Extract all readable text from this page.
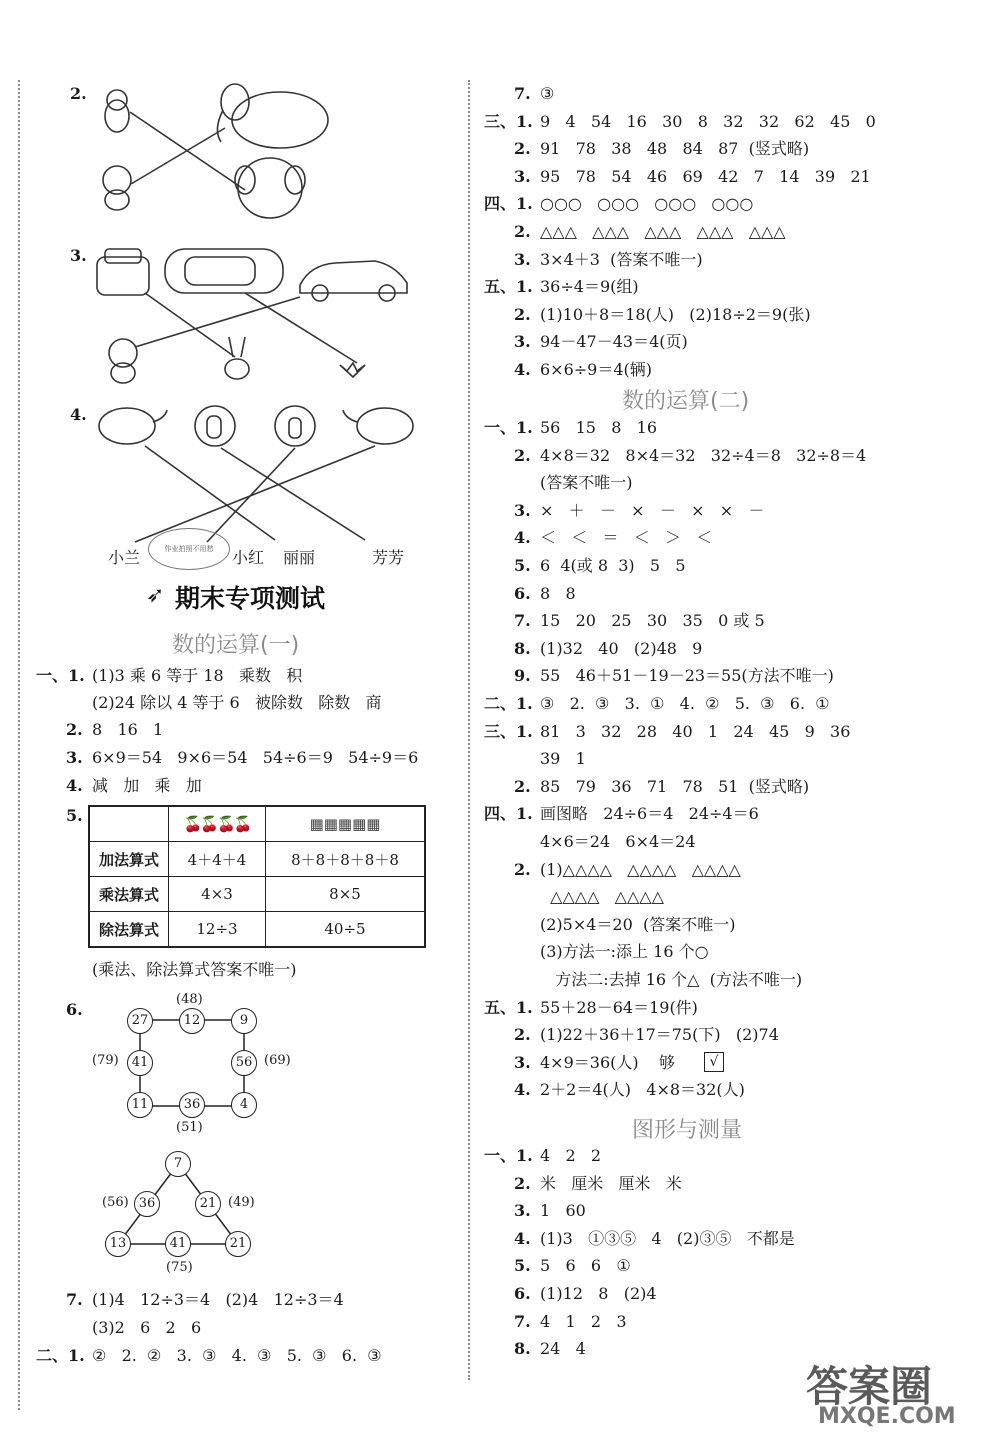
2.
3.
4.
小兰	小红 丽丽	芳芳
作业拍照不用愁
➶ 期末专项测试
数的运算(一)
一、1. (1)3 乘 6 等于 18   乘数   积
(2)24 除以 4 等于 6   被除数   除数   商
2. 8   16   1
3. 6×9＝54   9×6＝54   54÷6＝9   54÷9＝6
4. 减   加   乘   加
5.
		🍒🍒🍒🍒	▦▦▦▦▦
加法算式	4＋4＋4	8＋8＋8＋8＋8
乘法算式	4×3	8×5
除法算式	12÷3	40÷5
(乘法、除法算式答案不唯一)
6.
(48)
27	12	9
(79)	41	56 (69)
11	36	4
(51)
7
(56) 36	21 (49)
13	41	21
(75)
7. (1)4   12÷3＝4   (2)4   12÷3＝4
(3)2   6   2   6
二、1. ②   2.  ②   3.  ③   4.  ③   5.  ③   6.  ③
7. ③
三、1. 9   4   54   16   30   8   32   32   62   45   0
2. 91   78   38   48   84   87  (竖式略)
3. 95   78   54   46   69   42   7   14   39   21
四、1. ○○○   ○○○   ○○○   ○○○
2. △△△   △△△   △△△   △△△   △△△
3. 3×4＋3  (答案不唯一)
五、1. 36÷4＝9(组)
2. (1)10＋8＝18(人)   (2)18÷2＝9(张)
3. 94－47－43＝4(页)
4. 6×6÷9＝4(辆)
数的运算(二)
一、1. 56   15   8   16
2. 4×8＝32   8×4＝32   32÷4＝8   32÷8＝4
(答案不唯一)
3. ×   ＋   －   ×   －   ×   ×   －
4. ＜   ＜   ＝   ＜   ＞   ＜
5. 6  4(或 8  3)   5   5
6. 8   8
7. 15   20   25   30   35   0 或 5
8. (1)32   40   (2)48   9
9. 55   46＋51－19－23＝55(方法不唯一)
二、1. ③   2.  ③   3.  ①   4.  ②   5.  ③   6.  ①
三、1. 81   3   32   28   40   1   24   45   9   36
39   1
2. 85   79   36   71   78   51  (竖式略)
四、1. 画图略   24÷6＝4   24÷4＝6
4×6＝24   6×4＝24
2. (1)△△△△   △△△△   △△△△
△△△△   △△△△
(2)5×4＝20  (答案不唯一)
(3)方法一:添上 16 个○
方法二:去掉 16 个△  (方法不唯一)
五、1. 55＋28－64＝19(件)
2. (1)22＋36＋17＝75(下)   (2)74
3. 4×9＝36(人)    够	√
4. 2＋2＝4(人)   4×8＝32(人)
图形与测量
一、1. 4   2   2
2. 米   厘米   厘米   米
3. 1   60
4. (1)3   ①③⑤   4   (2)③⑤   不都是
5. 5   6   6   ①
6. (1)12   8   (2)4
7. 4   1   2   3
8. 24   4
答案圈
MXQE.COM
